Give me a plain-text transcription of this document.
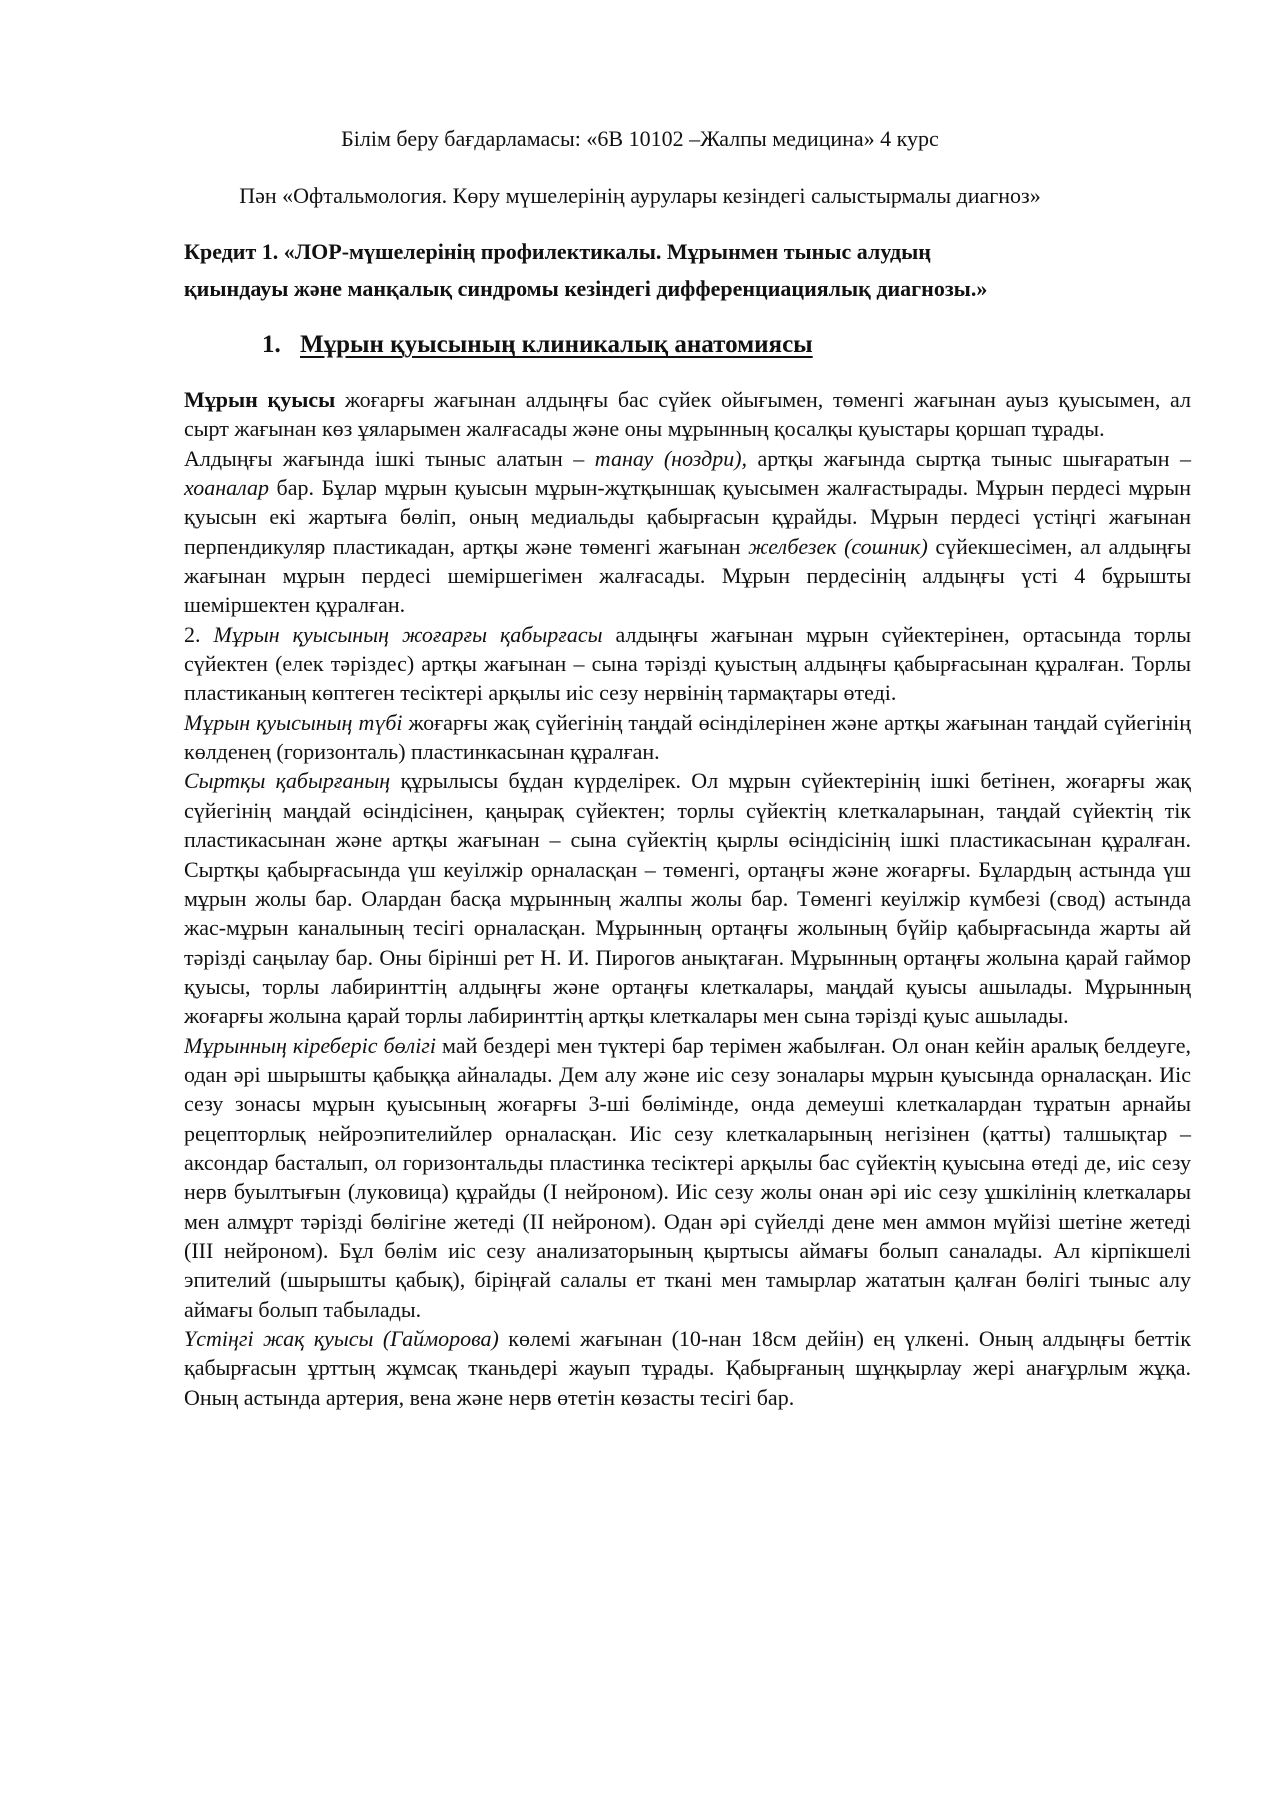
Білім беру бағдарламасы: «6В 10102 –Жалпы медицина» 4 курс
Пән «Офтальмология. Көру мүшелерінің аурулары кезіндегі салыстырмалы диагноз»
Кредит 1. «ЛОР-мүшелерінің профилектикалы. Мұрынмен тыныс алудың
қиындауы және манқалық синдромы кезіндегі дифференциациялық диагнозы.»
1. Мұрын қуысының клиникалық анатомиясы

Мұрын қуысы жоғарғы жағынан алдыңғы бас сүйек ойығымен, төменгі жағынан ауыз қуысымен, ал сырт жағынан көз ұяларымен жалғасады және оны мұрынның қосалқы қуыстары қоршап тұрады.

Алдыңғы жағында ішкі тыныс алатын – танау (ноздри), артқы жағында сыртқа тыныс шығаратын – хоаналар бар. Бұлар мұрын қуысын мұрын-жұтқыншақ қуысымен жалғастырады. Мұрын пердесі мұрын қуысын екі жартыға бөліп, оның медиальды қабырғасын құрайды. Мұрын пердесі үстіңгі жағынан перпендикуляр пластикадан, артқы және төменгі жағынан желбезек (сошник) сүйекшесімен, ал алдыңғы жағынан мұрын пердесі шеміршегімен жалғасады. Мұрын пердесінің алдыңғы үсті 4 бұрышты шеміршектен құралған.

2. Мұрын қуысының жоғарғы қабырғасы алдыңғы жағынан мұрын сүйектерінен, ортасында торлы сүйектен (елек тәріздес) артқы жағынан – сына тәрізді қуыстың алдыңғы қабырғасынан құралған. Торлы пластиканың көптеген тесіктері арқылы иіс сезу нервінің тармақтары өтеді.

Мұрын қуысының түбі жоғарғы жақ сүйегінің таңдай өсінділерінен және артқы жағынан таңдай сүйегінің көлденең (горизонталь) пластинкасынан құралған.

Сыртқы қабырғаның құрылысы бұдан күрделірек. Ол мұрын сүйектерінің ішкі бетінен, жоғарғы жақ сүйегінің маңдай өсіндісінен, қаңырақ сүйектен; торлы сүйектің клеткаларынан, таңдай сүйектің тік пластикасынан және артқы жағынан – сына сүйектің қырлы өсіндісінің ішкі пластикасынан құралған. Сыртқы қабырғасында үш кеуілжір орналасқан – төменгі, ортаңғы және жоғарғы. Бұлардың астында үш мұрын жолы бар. Олардан басқа мұрынның жалпы жолы бар. Төменгі кеуілжір күмбезі (свод) астында жас-мұрын каналының тесігі орналасқан. Мұрынның ортаңғы жолының бүйір қабырғасында жарты ай тәрізді саңылау бар. Оны бірінші рет Н. И. Пирогов анықтаған. Мұрынның ортаңғы жолына қарай гаймор қуысы, торлы лабиринттің алдыңғы және ортаңғы клеткалары, маңдай қуысы ашылады. Мұрынның жоғарғы жолына қарай торлы лабиринттің артқы клеткалары мен сына тәрізді қуыс ашылады.

Мұрынның кіреберіс бөлігі май бездері мен түктері бар терімен жабылған. Ол онан кейін аралық белдеуге, одан әрі шырышты қабыққа айналады. Дем алу және иіс сезу зоналары мұрын қуысында орналасқан. Иіс сезу зонасы мұрын қуысының жоғарғы 3-ші бөлімінде, онда демеуші клеткалардан тұратын арнайы рецепторлық нейроэпителийлер орналасқан. Иіс сезу клеткаларының негізінен (қатты) талшықтар – аксондар басталып, ол горизонтальды пластинка тесіктері арқылы бас сүйектің қуысына өтеді де, иіс сезу нерв буылтығын (луковица) құрайды (І нейроном). Иіс сезу жолы онан әрі иіс сезу ұшкілінің клеткалары мен алмұрт тәрізді бөлігіне жетеді (ІІ нейроном). Одан әрі сүйелді дене мен аммон мүйізі шетіне жетеді (ІІІ нейроном). Бұл бөлім иіс сезу анализаторының қыртысы аймағы болып саналады. Ал кірпікшелі эпителий (шырышты қабық), біріңғай салалы ет ткані мен тамырлар жататын қалған бөлігі тыныс алу аймағы болып табылады.

Үстіңгі жақ қуысы (Гайморова) көлемі жағынан (10-нан 18см дейін) ең үлкені. Оның алдыңғы беттік қабырғасын ұрттың жұмсақ тканьдері жауып тұрады. Қабырғаның шұңқырлау жері анағұрлым жұқа. Оның астында артерия, вена және нерв өтетін көзасты тесігі бар.
